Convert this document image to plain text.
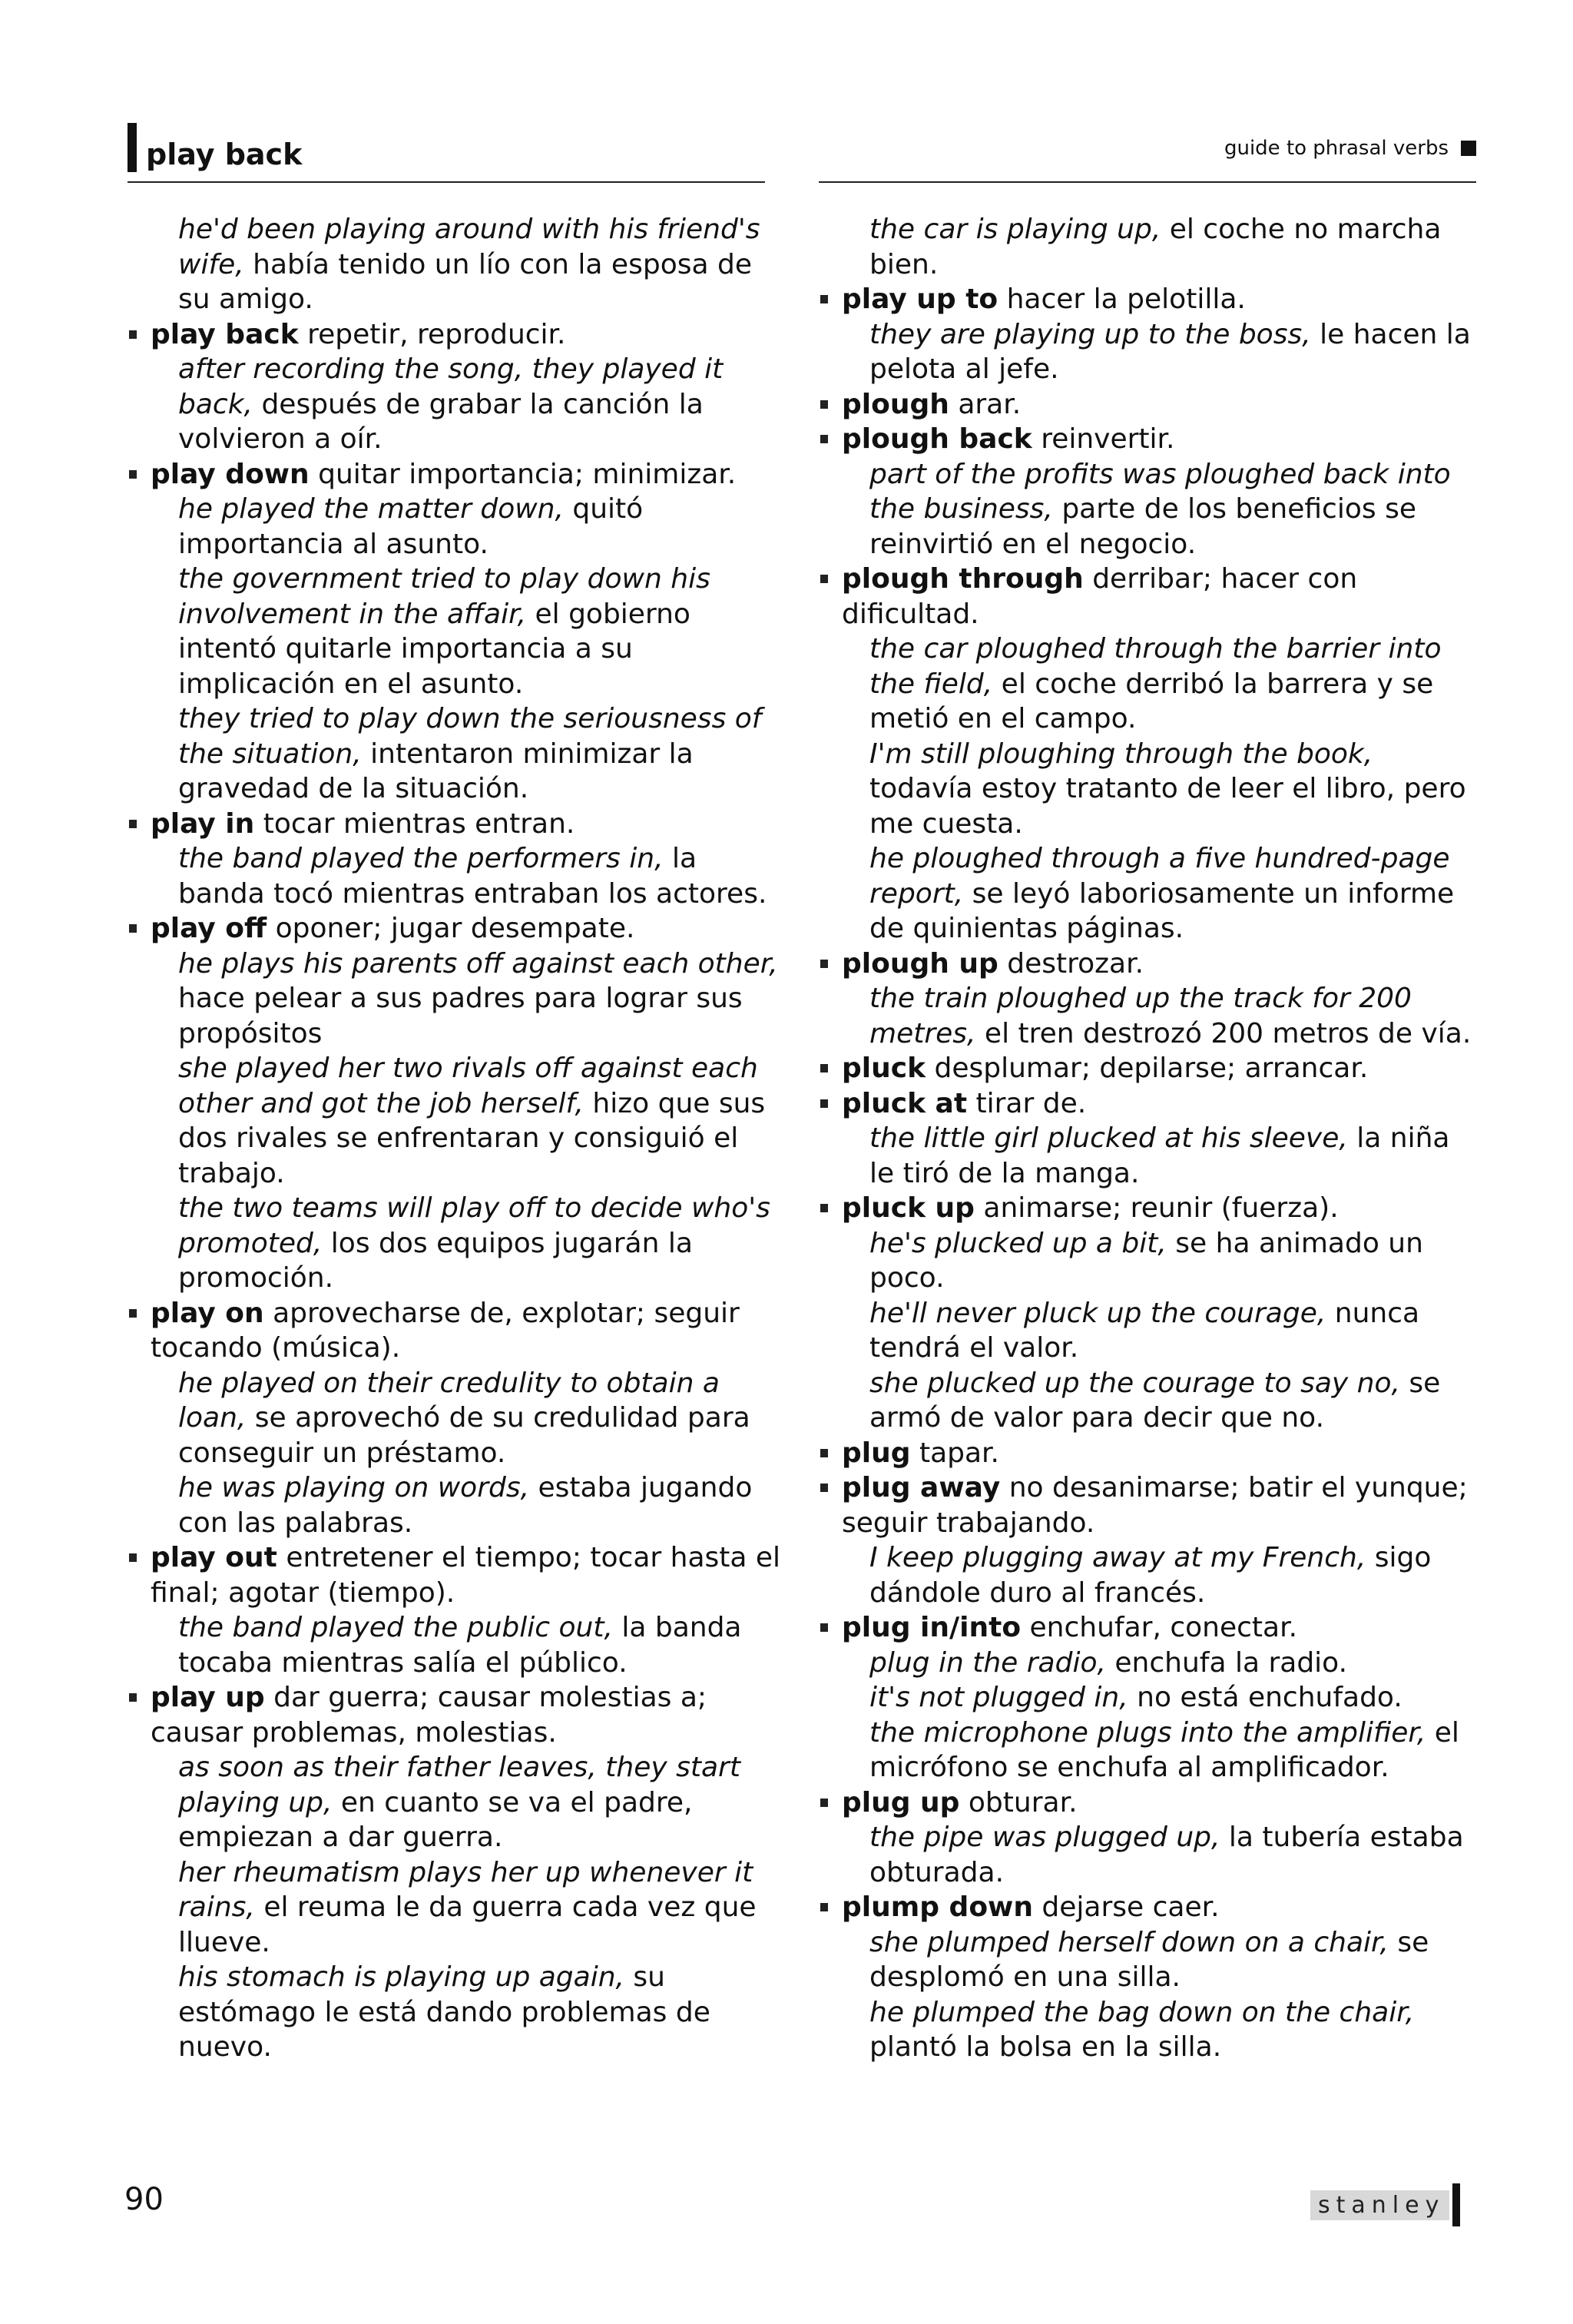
play back	guide to phrasal verbs
he'd been playing around with his friend's wife, había tenido un lío con la esposa de su amigo.
play back repetir, reproducir.
after recording the song, they played it back, después de grabar la canción la volvieron a oír.
play down quitar importancia; minimizar.
he played the matter down, quitó importancia al asunto.
the government tried to play down his involvement in the affair, el gobierno intentó quitarle importancia a su implicación en el asunto.
they tried to play down the seriousness of the situation, intentaron minimizar la gravedad de la situación.
play in tocar mientras entran.
the band played the performers in, la banda tocó mientras entraban los actores.
play off oponer; jugar desempate.
he plays his parents off against each other, hace pelear a sus padres para lograr sus propósitos
she played her two rivals off against each other and got the job herself, hizo que sus dos rivales se enfrentaran y consiguió el trabajo.
the two teams will play off to decide who's promoted, los dos equipos jugarán la promoción.
play on aprovecharse de, explotar; seguir tocando (música).
he played on their credulity to obtain a loan, se aprovechó de su credulidad para conseguir un préstamo.
he was playing on words, estaba jugando con las palabras.
play out entretener el tiempo; tocar hasta el final; agotar (tiempo).
the band played the public out, la banda tocaba mientras salía el público.
play up dar guerra; causar molestias a; causar problemas, molestias.
as soon as their father leaves, they start playing up, en cuanto se va el padre, empiezan a dar guerra.
her rheumatism plays her up whenever it rains, el reuma le da guerra cada vez que llueve.
his stomach is playing up again, su estómago le está dando problemas de nuevo.
the car is playing up, el coche no marcha bien.
play up to hacer la pelotilla.
they are playing up to the boss, le hacen la pelota al jefe.
plough arar.
plough back reinvertir.
part of the profits was ploughed back into the business, parte de los beneficios se reinvirtió en el negocio.
plough through derribar; hacer con dificultad.
the car ploughed through the barrier into the field, el coche derribó la barrera y se metió en el campo.
I'm still ploughing through the book, todavía estoy tratanto de leer el libro, pero me cuesta.
he ploughed through a five hundred-page report, se leyó laboriosamente un informe de quinientas páginas.
plough up destrozar.
the train ploughed up the track for 200 metres, el tren destrozó 200 metros de vía.
pluck desplumar; depilarse; arrancar.
pluck at tirar de.
the little girl plucked at his sleeve, la niña le tiró de la manga.
pluck up animarse; reunir (fuerza).
he's plucked up a bit, se ha animado un poco.
he'll never pluck up the courage, nunca tendrá el valor.
she plucked up the courage to say no, se armó de valor para decir que no.
plug tapar.
plug away no desanimarse; batir el yunque; seguir trabajando.
I keep plugging away at my French, sigo dándole duro al francés.
plug in/into enchufar, conectar.
plug in the radio, enchufa la radio.
it's not plugged in, no está enchufado.
the microphone plugs into the amplifier, el micrófono se enchufa al amplificador.
plug up obturar.
the pipe was plugged up, la tubería estaba obturada.
plump down dejarse caer.
she plumped herself down on a chair, se desplomó en una silla.
he plumped the bag down on the chair, plantó la bolsa en la silla.
90	stanley
